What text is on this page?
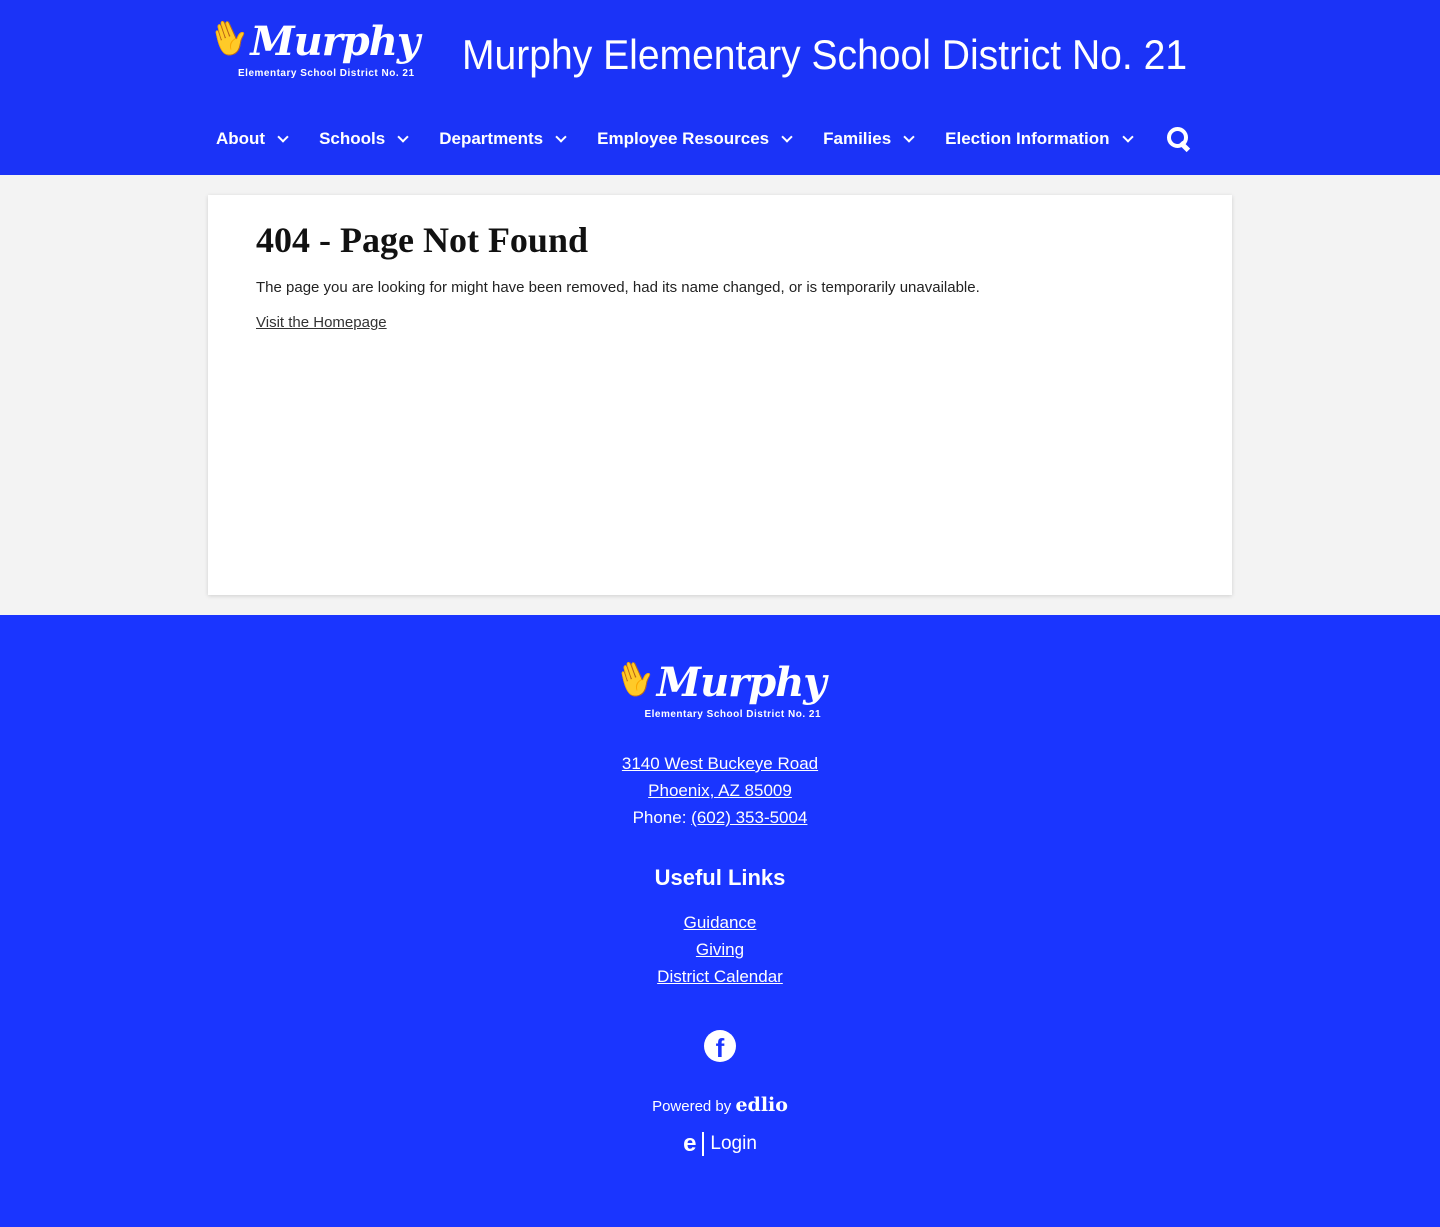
✋Murphy
Elementary School District No. 21 Murphy Elementary School District No. 21
About	Schools	Departments	Employee Resources	Families	Election Information
404 - Page Not Found

The page you are looking for might have been removed, had its name changed, or is temporarily unavailable.

Visit the Homepage
✋Murphy
Elementary School District No. 21
3140 West Buckeye Road
Phoenix, AZ 85009
Phone: (602) 353-5004
Useful Links
Guidance
Giving
District Calendar
f
Powered by edlio
e Login
